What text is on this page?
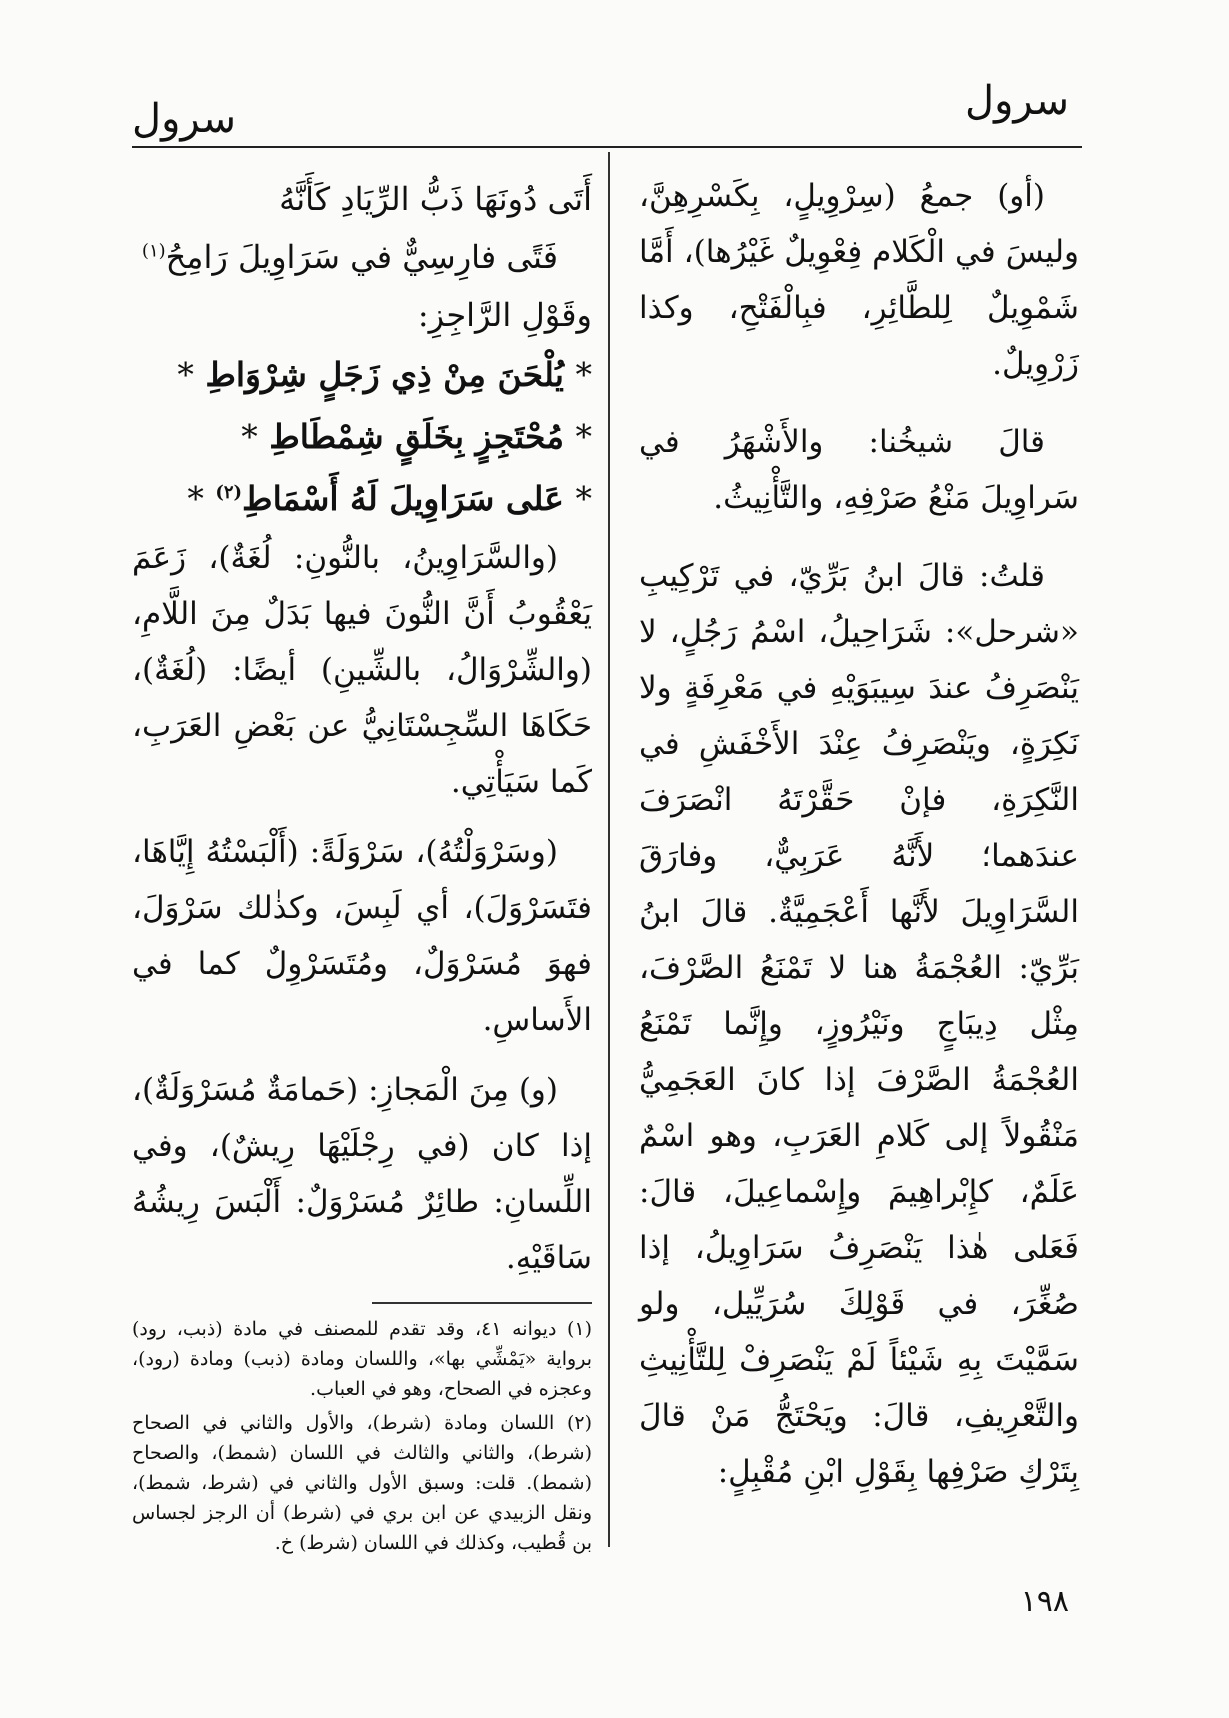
سرول
سرول

(أو) جمعُ (سِرْوِيلٍ، بِكَسْرِهِنَّ، وليسَ في الْكَلام فِعْوِيلٌ غَيْرُها)، أَمَّا شَمْوِيلٌ لِلطَّائِرِ، فبِالْفَتْحِ، وكذا زَرْوِيلٌ.

قالَ شيخُنا: والأَشْهَرُ في سَراوِيلَ مَنْعُ صَرْفِهِ، والتَّأْنِيثُ.

قلتُ: قالَ ابنُ بَرِّيّ، في تَرْكِيبِ «شرحل»: شَرَاحِيلُ، اسْمُ رَجُلٍ، لا يَنْصَرِفُ عندَ سِيبَوَيْهِ في مَعْرِفَةٍ ولا نَكِرَةٍ، ويَنْصَرِفُ عِنْدَ الأَخْفَشِ في النَّكِرَةِ، فإنْ حَقَّرْتَهُ انْصَرَفَ عندَهما؛ لأَنَّهُ عَرَبِيٌّ، وفارَقَ السَّرَاوِيلَ لأَنَّها أَعْجَمِيَّةٌ. قالَ ابنُ بَرِّيّ: العُجْمَةُ هنا لا تَمْنَعُ الصَّرْفَ، مِثْل دِيبَاجٍ ونَيْرُوزٍ، وإِنَّما تَمْنَعُ العُجْمَةُ الصَّرْفَ إذا كانَ العَجَمِيُّ مَنْقُولاً إلى كَلامِ العَرَبِ، وهو اسْمٌ عَلَمٌ، كإِبْراهِيمَ وإِسْماعِيلَ، قالَ: فَعَلى هٰذا يَنْصَرِفُ سَرَاوِيلُ، إذا صُغِّرَ، في قَوْلِكَ سُرَيِّيل، ولو سَمَّيْتَ بِهِ شَيْئاً لَمْ يَنْصَرِفْ لِلتَّأْنِيثِ والتَّعْرِيفِ، قالَ: ويَحْتَجُّ مَنْ قالَ بِتَرْكِ صَرْفِها بِقَوْلِ ابْنِ مُقْبِلٍ:

أَتَى دُونَهَا ذَبُّ الرِّيَادِ كَأَنَّهُ

فَتًى فارِسِيٌّ في سَرَاوِيلَ رَامِحُ$^{(١)}$

وقَوْلِ الرَّاجِزِ:

* يُلْحَنَ مِنْ ذِي زَجَلٍ شِرْوَاطِ *

* مُحْتَجِزٍ بِخَلَقٍ شِمْطَاطِ *

* عَلى سَرَاوِيلَ لَهُ أَسْمَاطِ$^{(٢)}$ *

(والسَّرَاوِينُ، بالنُّونِ: لُغَةٌ)، زَعَمَ يَعْقُوبُ أَنَّ النُّونَ فيها بَدَلٌ مِنَ اللَّامِ، (والشِّرْوَالُ، بالشِّينِ) أيضًا: (لُغَةٌ)، حَكَاهَا السِّجِسْتَانِيُّ عن بَعْضِ العَرَبِ، كَما سَيَأْتِي.

(وسَرْوَلْتُهُ)، سَرْوَلَةً: (أَلْبَسْتُهُ إِيَّاهَا، فتَسَرْوَلَ)، أي لَبِسَ، وكذٰلك سَرْوَلَ، فهوَ مُسَرْوَلٌ، ومُتَسَرْوِلٌ كما في الأَساسِ.

(و) مِنَ الْمَجازِ: (حَمامَةٌ مُسَرْوَلَةٌ)، إذا كان (في رِجْلَيْهَا رِيشٌ)، وفي اللِّسانِ: طائِرٌ مُسَرْوَلٌ: أَلْبَسَ رِيشُهُ سَاقَيْهِ.

(١) ديوانه ٤١، وقد تقدم للمصنف في مادة (ذبب، رود) برواية «يَمْشِّي بها»، واللسان ومادة (ذبب) ومادة (رود)، وعجزه في الصحاح، وهو في العباب.

(٢) اللسان ومادة (شرط)، والأول والثاني في الصحاح (شرط)، والثاني والثالث في اللسان (شمط)، والصحاح (شمط). قلت: وسبق الأول والثاني في (شرط، شمط)، ونقل الزبيدي عن ابن بري في (شرط) أن الرجز لجساس بن قُطيب، وكذلك في اللسان (شرط) خ.

١٩٨
